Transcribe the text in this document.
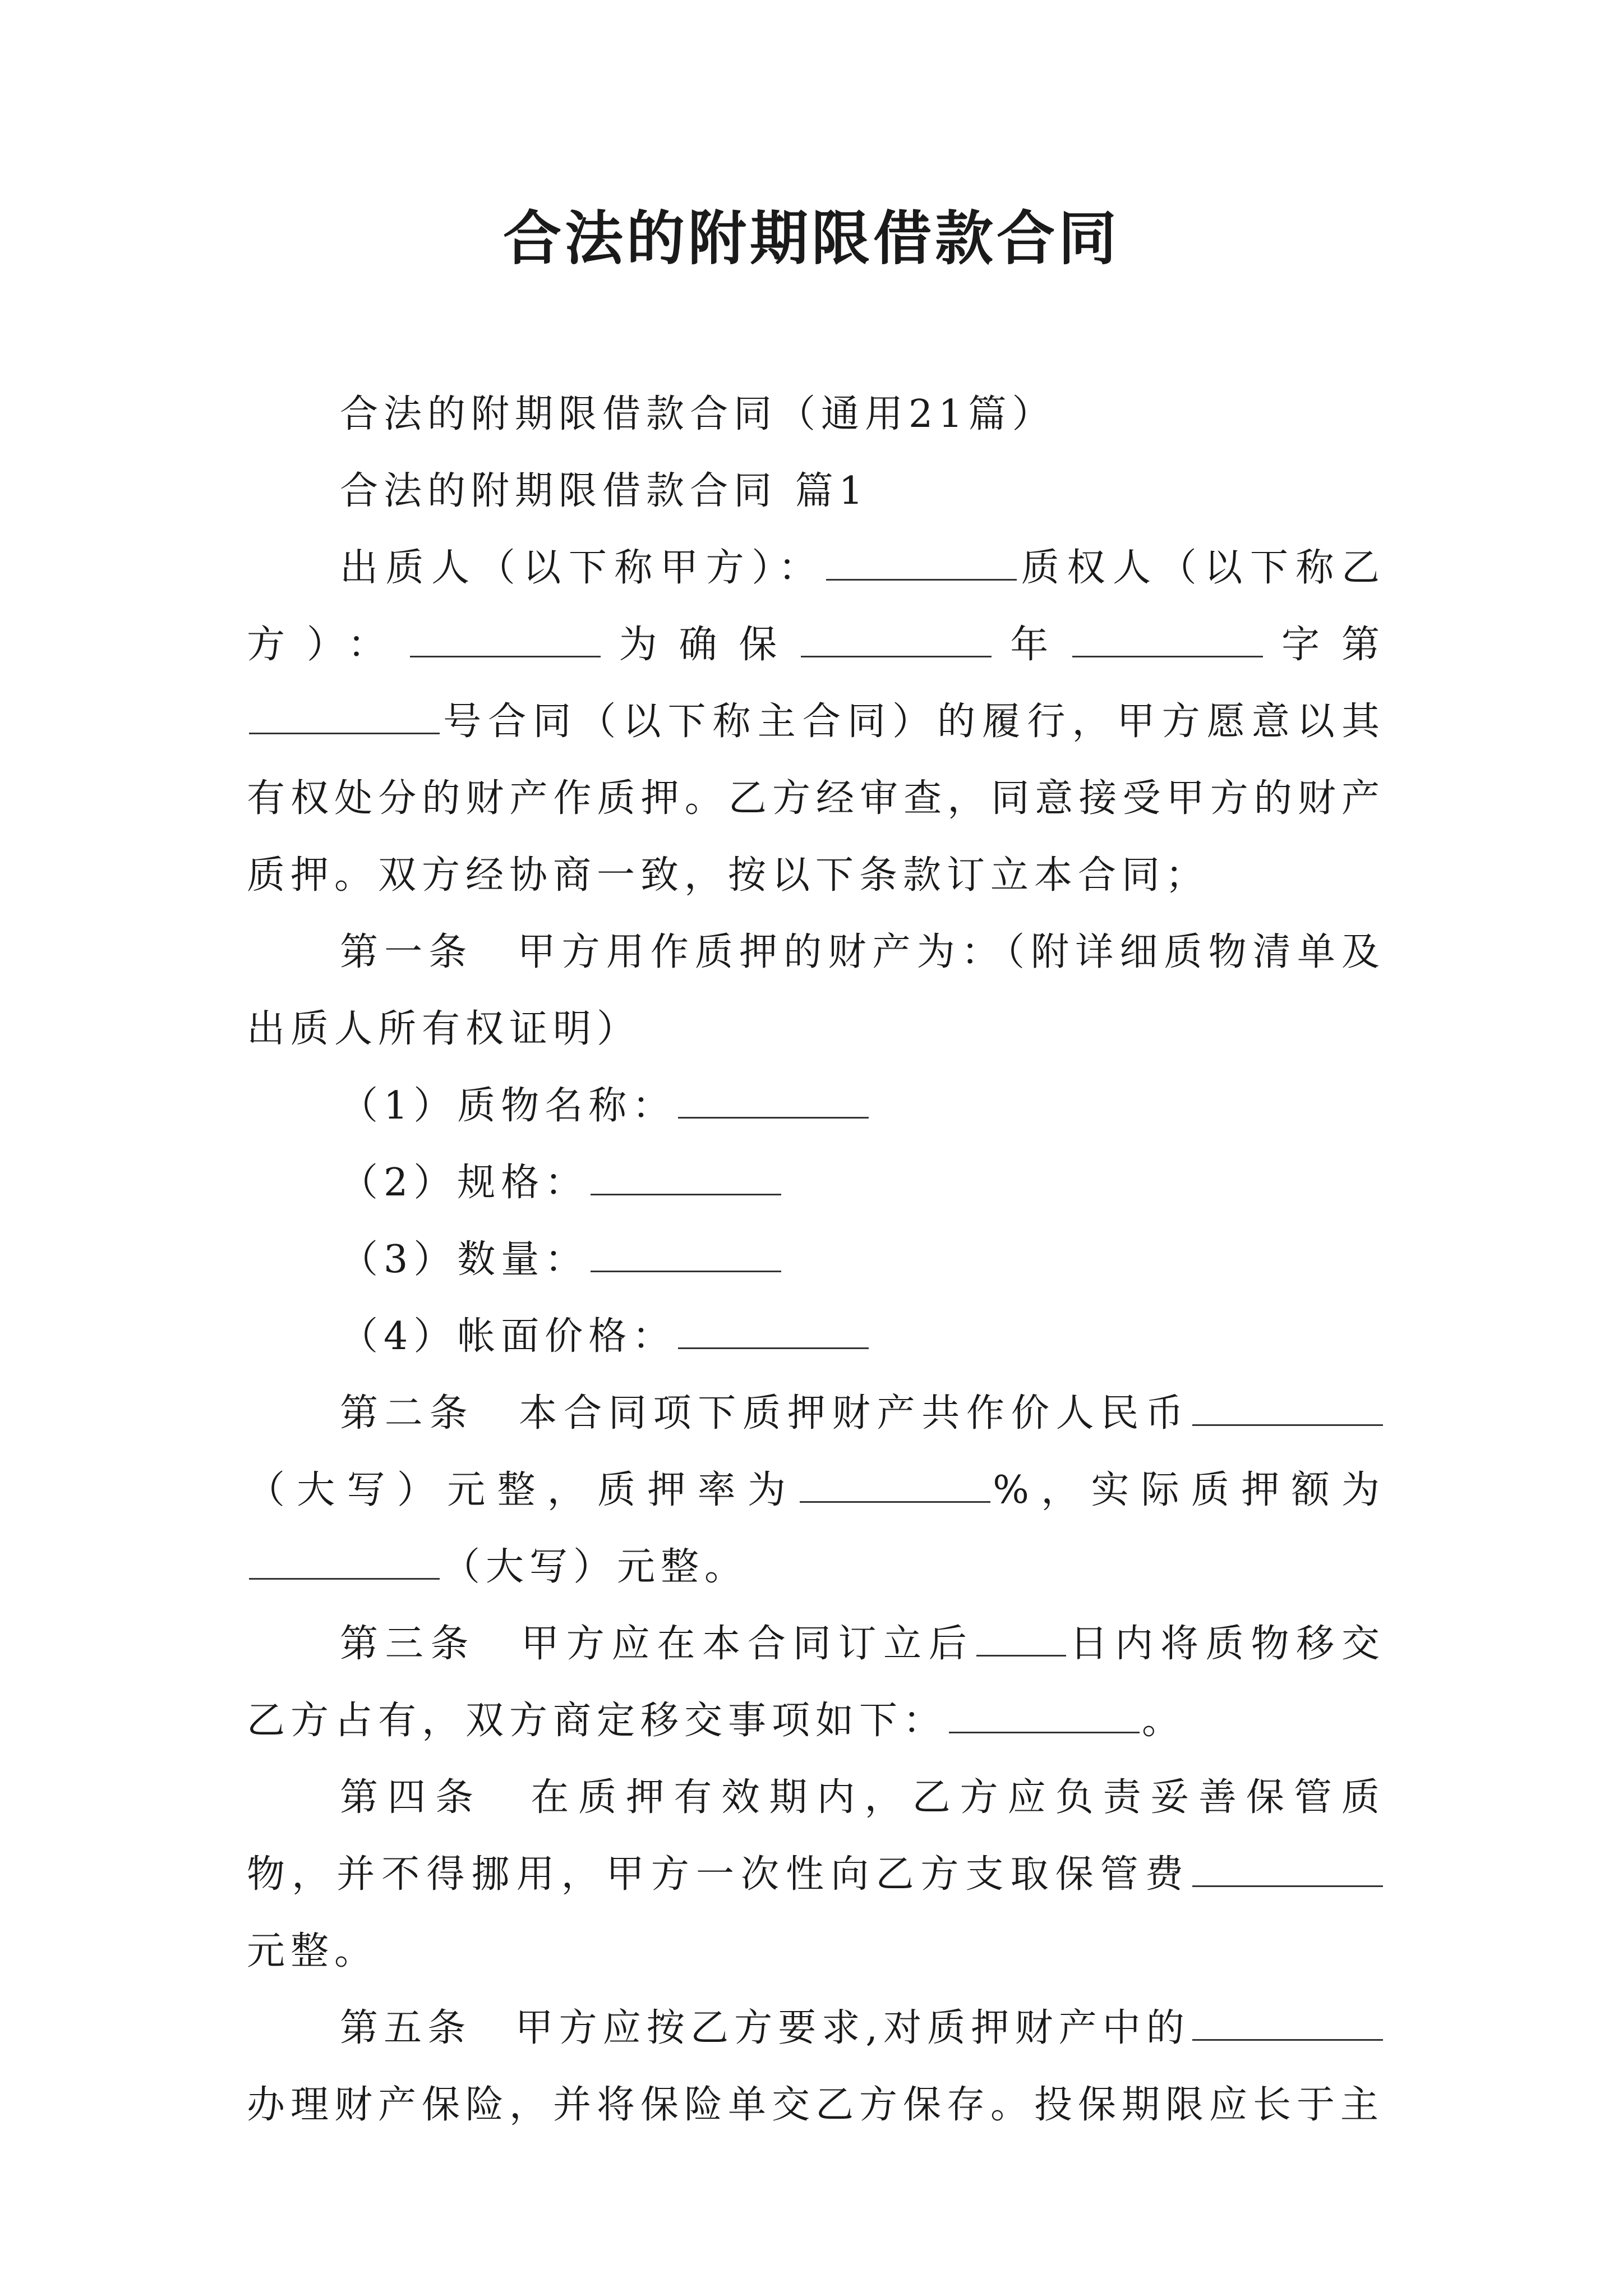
合法的附期限借款合同

合法的附期限借款合同（通用21篇）

合法的附期限借款合同 篇1

出质人（以下称甲方）：	质权人（以下称乙方）：	为确保	年	字第号合同（以下称主合同）的履行，甲方愿意以其有权处分的财产作质押。乙方经审查，同意接受甲方的财产质押。双方经协商一致，按以下条款订立本合同；

第一条　甲方用作质押的财产为：（附详细质物清单及出质人所有权证明）

（1）质物名称：

（2）规格：

（3）数量：

（4）帐面价格：

第二条　本合同项下质押财产共作价人民币（大写）元整，质押率为	%，实际质押额为（大写）元整。

第三条　甲方应在本合同订立后 日内将质物移交乙方占有，双方商定移交事项如下：	。

第四条　在质押有效期内，乙方应负责妥善保管质物，并不得挪用，甲方一次性向乙方支取保管费元整。

第五条　甲方应按乙方要求,对质押财产中的办理财产保险，并将保险单交乙方保存。投保期限应长于主
